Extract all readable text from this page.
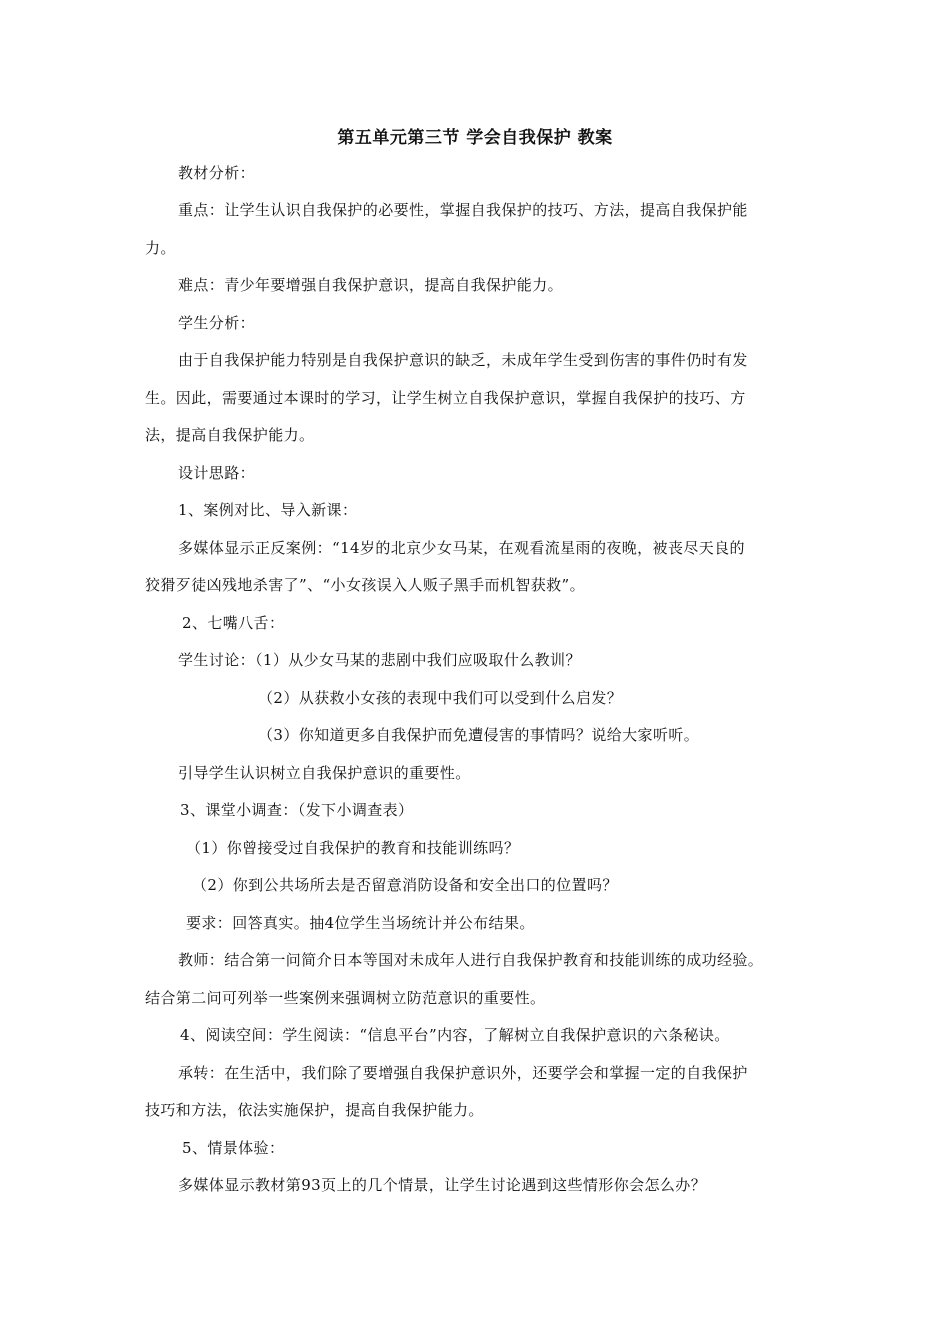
第五单元第三节 学会自我保护 教案
教材分析：
重点：让学生认识自我保护的必要性，掌握自我保护的技巧、方法，提高自我保护能
力。
难点：青少年要增强自我保护意识，提高自我保护能力。
学生分析：
由于自我保护能力特别是自我保护意识的缺乏，未成年学生受到伤害的事件仍时有发
生。因此，需要通过本课时的学习，让学生树立自我保护意识，掌握自我保护的技巧、方
法，提高自我保护能力。
设计思路：
1、案例对比、导入新课：
多媒体显示正反案例：“14岁的北京少女马某，在观看流星雨的夜晚，被丧尽天良的
狡猾歹徒凶残地杀害了”、“小女孩误入人贩子黑手而机智获救”。
2、七嘴八舌：
学生讨论：（1）从少女马某的悲剧中我们应吸取什么教训？
（2）从获救小女孩的表现中我们可以受到什么启发？
（3）你知道更多自我保护而免遭侵害的事情吗？说给大家听听。
引导学生认识树立自我保护意识的重要性。
3、课堂小调查：（发下小调查表）
（1）你曾接受过自我保护的教育和技能训练吗？
（2）你到公共场所去是否留意消防设备和安全出口的位置吗？
要求：回答真实。抽4位学生当场统计并公布结果。
教师：结合第一问简介日本等国对未成年人进行自我保护教育和技能训练的成功经验。
结合第二问可列举一些案例来强调树立防范意识的重要性。
4、阅读空间：学生阅读：“信息平台”内容，了解树立自我保护意识的六条秘诀。
承转：在生活中，我们除了要增强自我保护意识外，还要学会和掌握一定的自我保护
技巧和方法，依法实施保护，提高自我保护能力。
5、情景体验：
多媒体显示教材第93页上的几个情景，让学生讨论遇到这些情形你会怎么办？
